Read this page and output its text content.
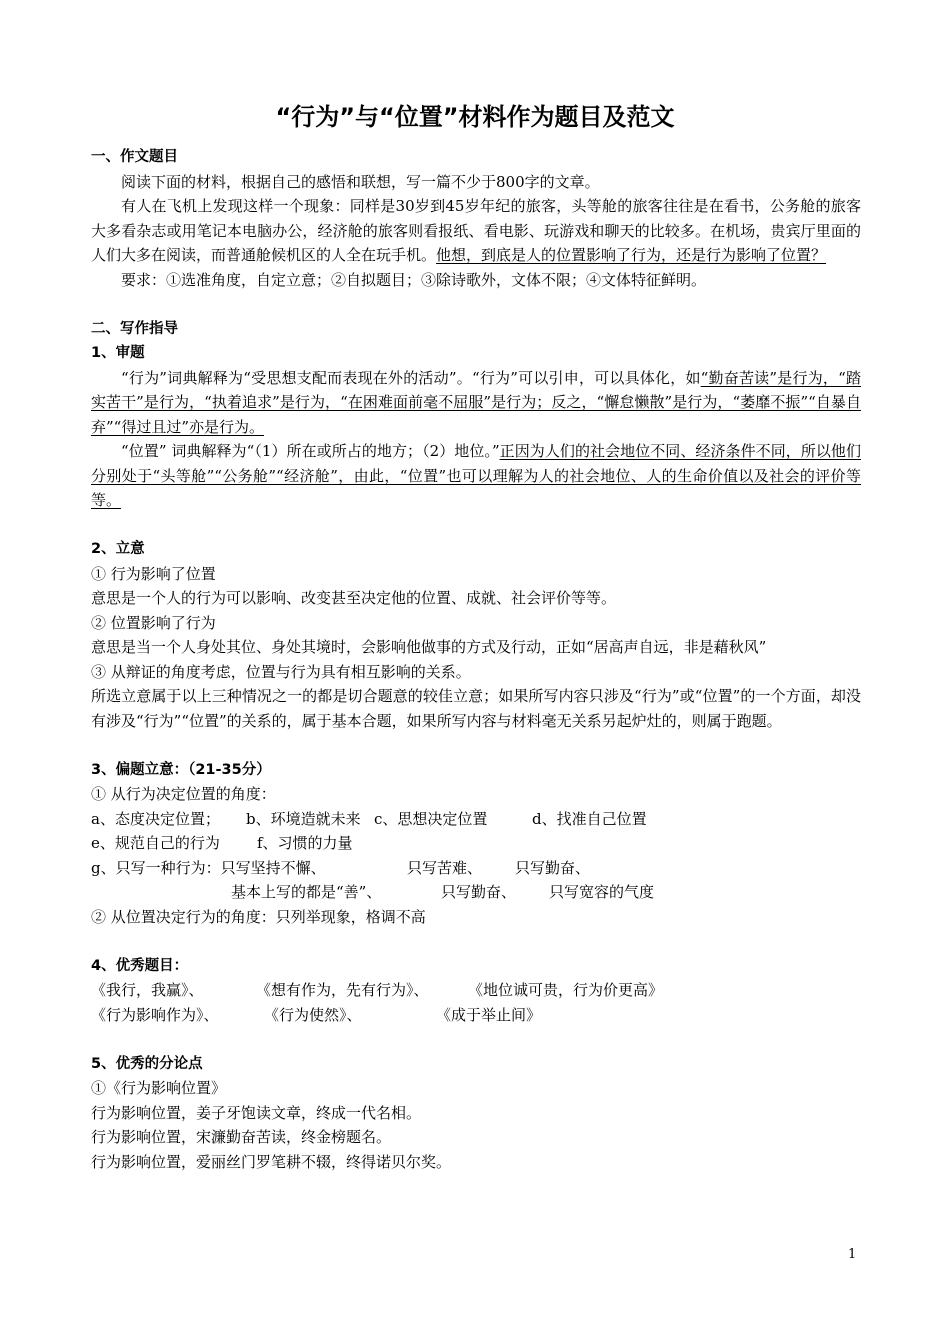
“行为”与“位置”材料作为题目及范文

一、作文题目

阅读下面的材料，根据自己的感悟和联想，写一篇不少于800字的文章。

有人在飞机上发现这样一个现象：同样是30岁到45岁年纪的旅客，头等舱的旅客往往是在看书，公务舱的旅客大多看杂志或用笔记本电脑办公，经济舱的旅客则看报纸、看电影、玩游戏和聊天的比较多。在机场，贵宾厅里面的人们大多在阅读，而普通舱候机区的人全在玩手机。他想，到底是人的位置影响了行为，还是行为影响了位置？

要求：①选准角度，自定立意；②自拟题目；③除诗歌外，文体不限；④文体特征鲜明。

二、写作指导

1、审题

“行为”词典解释为“受思想支配而表现在外的活动”。“行为”可以引申，可以具体化，如“勤奋苦读”是行为，“踏实苦干”是行为，“执着追求”是行为，“在困难面前毫不屈服”是行为；反之，“懈怠懒散”是行为，“萎靡不振”“自暴自弃”“得过且过”亦是行为。

“位置” 词典解释为“（1）所在或所占的地方；（2）地位。”正因为人们的社会地位不同、经济条件不同，所以他们分别处于“头等舱”“公务舱”“经济舱”，由此，“位置”也可以理解为人的社会地位、人的生命价值以及社会的评价等等。

2、立意

① 行为影响了位置

意思是一个人的行为可以影响、改变甚至决定他的位置、成就、社会评价等等。

② 位置影响了行为

意思是当一个人身处其位、身处其境时，会影响他做事的方式及行动，正如“居高声自远，非是藉秋风”

③ 从辩证的角度考虑，位置与行为具有相互影响的关系。

所选立意属于以上三种情况之一的都是切合题意的较佳立意；如果所写内容只涉及“行为”或“位置”的一个方面，却没有涉及“行为”“位置”的关系的，属于基本合题，如果所写内容与材料毫无关系另起炉灶的，则属于跑题。

3、偏题立意：（21-35分）

① 从行为决定位置的角度：

a、态度决定位置； b、环境造就未来 c、思想决定位置	d、找准自己位置

e、规范自己的行为 f、习惯的力量

g、只写一种行为：只写坚持不懈、	只写苦难、 只写勤奋、

基本上写的都是“善”、	只写勤奋、 只写宽容的气度

② 从位置决定行为的角度：只列举现象，格调不高

4、优秀题目：

《我行，我赢》、	《想有作为，先有行为》、	《地位诚可贵，行为价更高》

《行为影响作为》、	《行为使然》、	《成于举止间》

5、优秀的分论点

①《行为影响位置》

行为影响位置，姜子牙饱读文章，终成一代名相。

行为影响位置，宋濂勤奋苦读，终金榜题名。

行为影响位置，爱丽丝门罗笔耕不辍，终得诺贝尔奖。

1
